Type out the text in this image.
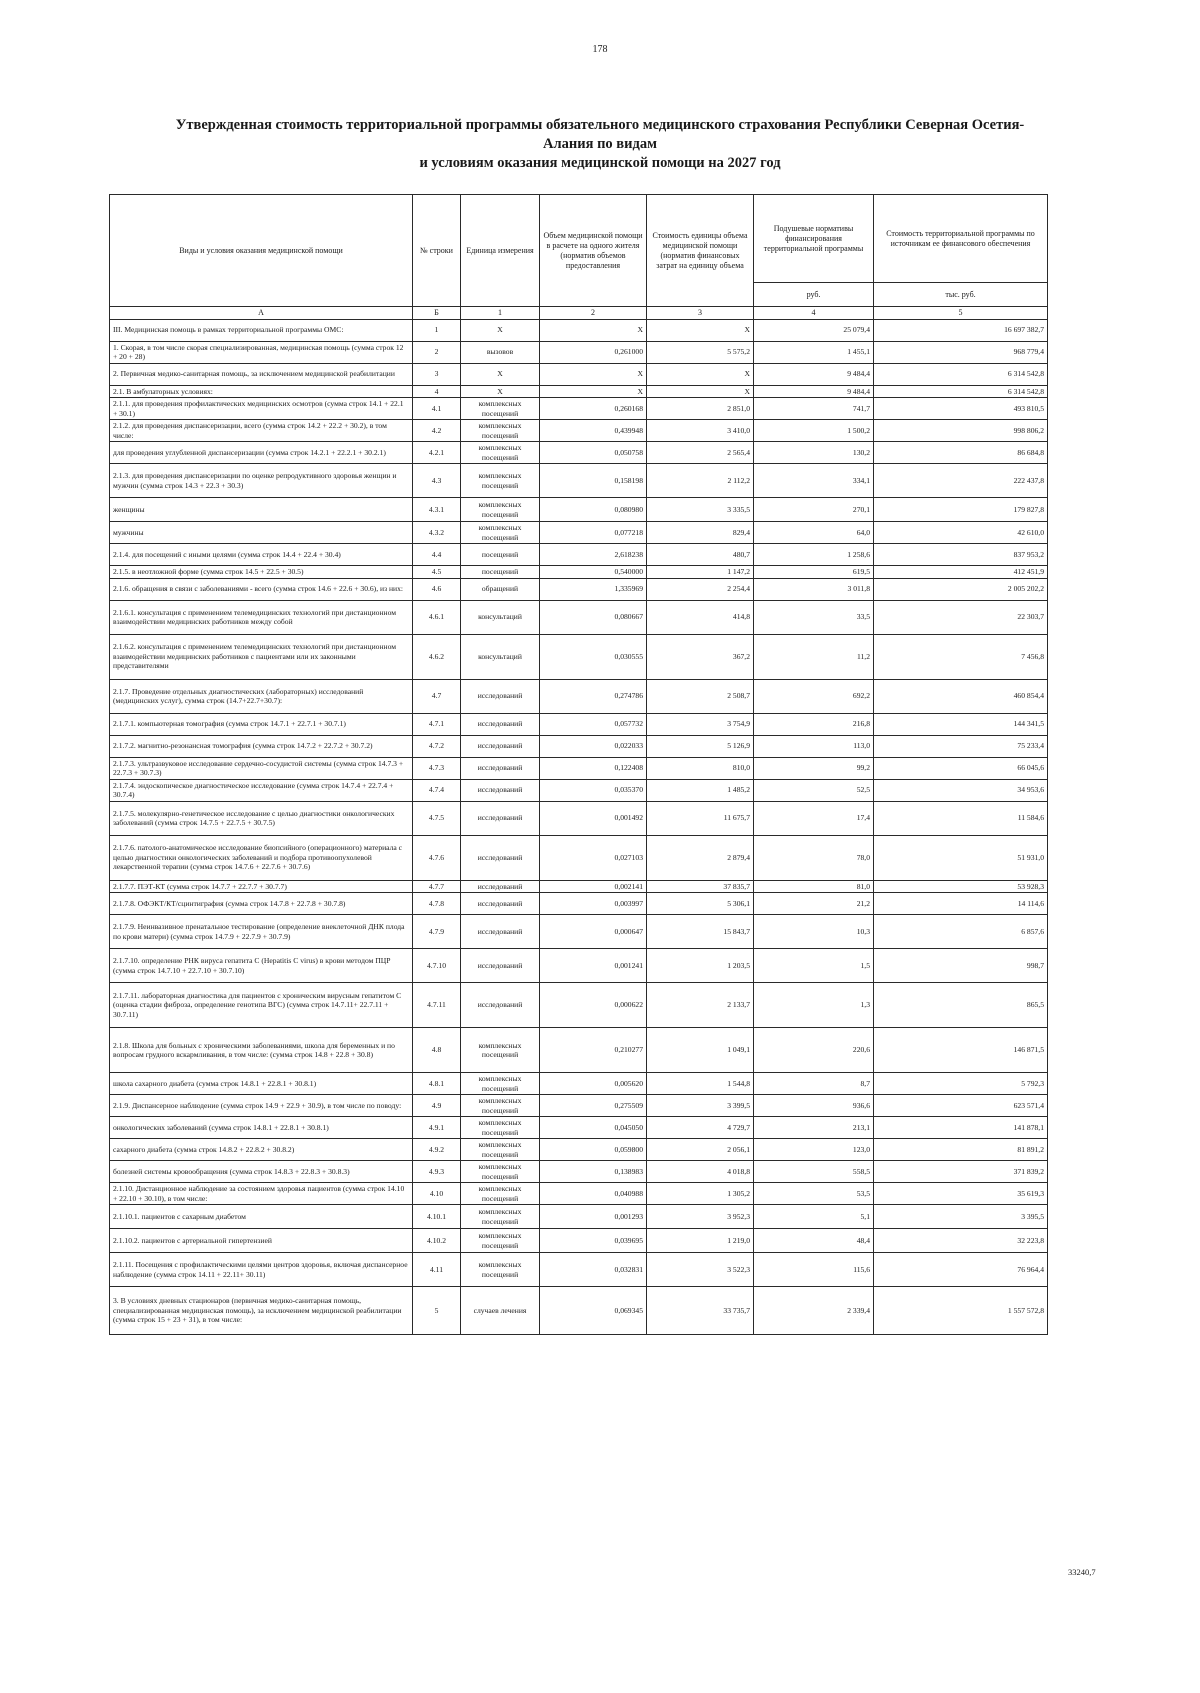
178
Утвержденная стоимость территориальной программы обязательного медицинского страхования Республики Северная Осетия-
Алания по видам
и условиям оказания медицинской помощи на 2027 год
Виды и условия оказания медицинской помощи	№ строки	Единица измерения	Объем медицинской помощи в расчете на одного жителя (норматив объемов предоставления	Стоимость единицы объема медицинской помощи (норматив финансовых затрат на единицу объема	Подушевые нормативы финансирования территориальной программы	Стоимость территориальной программы по источникам ее финансового обеспечения
					руб.	тыс. руб.
А	Б	1	2	3	4	5
III. Медицинская помощь в рамках территориальной программы ОМС:	1	X	X	X	25 079,4	16 697 382,7
1. Скорая, в том числе скорая специализированная, медицинская помощь (сумма строк 12 + 20 + 28)	2	вызовов	0,261000	5 575,2	1 455,1	968 779,4
2. Первичная медико-санитарная помощь, за исключением медицинской реабилитации	3	X	X	X	9 484,4	6 314 542,8
2.1. В амбулаторных условиях:	4	X	X	X	9 484,4	6 314 542,8
2.1.1. для проведения профилактических медицинских осмотров (сумма строк 14.1 + 22.1 + 30.1)	4.1	комплексных посещений	0,260168	2 851,0	741,7	493 810,5
2.1.2. для проведения диспансеризации, всего (сумма строк 14.2 + 22.2 + 30.2), в том числе:	4.2	комплексных посещений	0,439948	3 410,0	1 500,2	998 806,2
для проведения углубленной диспансеризации (сумма строк 14.2.1 + 22.2.1 + 30.2.1)	4.2.1	комплексных посещений	0,050758	2 565,4	130,2	86 684,8
2.1.3. для проведения диспансеризации по оценке репродуктивного здоровья женщин и мужчин (сумма строк 14.3 + 22.3 + 30.3)	4.3	комплексных посещений	0,158198	2 112,2	334,1	222 437,8
женщины	4.3.1	комплексных посещений	0,080980	3 335,5	270,1	179 827,8
мужчины	4.3.2	комплексных посещений	0,077218	829,4	64,0	42 610,0
2.1.4. для посещений с иными целями (сумма строк 14.4 + 22.4 + 30.4)	4.4	посещений	2,618238	480,7	1 258,6	837 953,2
2.1.5. в неотложной форме (сумма строк 14.5 + 22.5 + 30.5)	4.5	посещений	0,540000	1 147,2	619,5	412 451,9
2.1.6. обращения в связи с заболеваниями - всего (сумма строк 14.6 + 22.6 + 30.6), из них:	4.6	обращений	1,335969	2 254,4	3 011,8	2 005 202,2
2.1.6.1. консультация с применением телемедицинских технологий при дистанционном взаимодействии медицинских работников между собой	4.6.1	консультаций	0,080667	414,8	33,5	22 303,7
2.1.6.2. консультация с применением телемедицинских технологий при дистанционном взаимодействии медицинских работников с пациентами или их законными представителями	4.6.2	консультаций	0,030555	367,2	11,2	7 456,8
2.1.7. Проведение отдельных диагностических (лабораторных) исследований (медицинских услуг), сумма строк (14.7+22.7+30.7):	4.7	исследований	0,274786	2 508,7	692,2	460 854,4
2.1.7.1. компьютерная томография (сумма строк 14.7.1 + 22.7.1 + 30.7.1)	4.7.1	исследований	0,057732	3 754,9	216,8	144 341,5
2.1.7.2. магнитно-резонансная томография (сумма строк 14.7.2 + 22.7.2 + 30.7.2)	4.7.2	исследований	0,022033	5 126,9	113,0	75 233,4
2.1.7.3. ультразвуковое исследование сердечно-сосудистой системы (сумма строк 14.7.3 + 22.7.3 + 30.7.3)	4.7.3	исследований	0,122408	810,0	99,2	66 045,6
2.1.7.4. эндоскопическое диагностическое исследование (сумма строк 14.7.4 + 22.7.4 + 30.7.4)	4.7.4	исследований	0,035370	1 485,2	52,5	34 953,6
2.1.7.5. молекулярно-генетическое исследование с целью диагностики онкологических заболеваний (сумма строк 14.7.5 + 22.7.5 + 30.7.5)	4.7.5	исследований	0,001492	11 675,7	17,4	11 584,6
2.1.7.6. патолого-анатомическое исследование биопсийного (операционного) материала с целью диагностики онкологических заболеваний и подбора противоопухолевой лекарственной терапии (сумма строк 14.7.6 + 22.7.6 + 30.7.6)	4.7.6	исследований	0,027103	2 879,4	78,0	51 931,0
2.1.7.7. ПЭТ-КТ (сумма строк 14.7.7 + 22.7.7 + 30.7.7)	4.7.7	исследований	0,002141	37 835,7	81,0	53 928,3
2.1.7.8. ОФЭКТ/КТ/сцинтиграфия (сумма строк 14.7.8 + 22.7.8 + 30.7.8)	4.7.8	исследований	0,003997	5 306,1	21,2	14 114,6
2.1.7.9. Неинвазивное пренатальное тестирование (определение внеклеточной ДНК плода по крови матери) (сумма строк 14.7.9 + 22.7.9 + 30.7.9)	4.7.9	исследований	0,000647	15 843,7	10,3	6 857,6
2.1.7.10. определение РНК вируса гепатита С (Hepatitis C virus) в крови методом ПЦР (сумма строк 14.7.10 + 22.7.10 + 30.7.10)	4.7.10	исследований	0,001241	1 203,5	1,5	998,7
2.1.7.11. лабораторная диагностика для пациентов с хроническим вирусным гепатитом С (оценка стадии фиброза, определение генотипа ВГС) (сумма строк 14.7.11+ 22.7.11 + 30.7.11)	4.7.11	исследований	0,000622	2 133,7	1,3	865,5
2.1.8. Школа для больных с хроническими заболеваниями, школа для беременных и по вопросам грудного вскармливания, в том числе: (сумма строк 14.8 + 22.8 + 30.8)	4.8	комплексных посещений	0,210277	1 049,1	220,6	146 871,5
школа сахарного диабета (сумма строк 14.8.1 + 22.8.1 + 30.8.1)	4.8.1	комплексных посещений	0,005620	1 544,8	8,7	5 792,3
2.1.9. Диспансерное наблюдение (сумма строк 14.9 + 22.9 + 30.9), в том числе по поводу:	4.9	комплексных посещений	0,275509	3 399,5	936,6	623 571,4
онкологических заболеваний (сумма строк 14.8.1 + 22.8.1 + 30.8.1)	4.9.1	комплексных посещений	0,045050	4 729,7	213,1	141 878,1
сахарного диабета (сумма строк 14.8.2 + 22.8.2 + 30.8.2)	4.9.2	комплексных посещений	0,059800	2 056,1	123,0	81 891,2
болезней системы кровообращения (сумма строк 14.8.3 + 22.8.3 + 30.8.3)	4.9.3	комплексных посещений	0,138983	4 018,8	558,5	371 839,2
2.1.10. Дистанционное наблюдение за состоянием здоровья пациентов (сумма строк 14.10 + 22.10 + 30.10), в том числе:	4.10	комплексных посещений	0,040988	1 305,2	53,5	35 619,3
2.1.10.1. пациентов с сахарным диабетом	4.10.1	комплексных посещений	0,001293	3 952,3	5,1	3 395,5
2.1.10.2. пациентов с артериальной гипертензией	4.10.2	комплексных посещений	0,039695	1 219,0	48,4	32 223,8
2.1.11. Посещения с профилактическими целями центров здоровья, включая диспансерное наблюдение (сумма строк 14.11 + 22.11+ 30.11)	4.11	комплексных посещений	0,032831	3 522,3	115,6	76 964,4
3. В условиях дневных стационаров (первичная медико-санитарная помощь, специализированная медицинская помощь), за исключением медицинской реабилитации (сумма строк 15 + 23 + 31), в том числе:	5	случаев лечения	0,069345	33 735,7	2 339,4	1 557 572,8
33240,7
